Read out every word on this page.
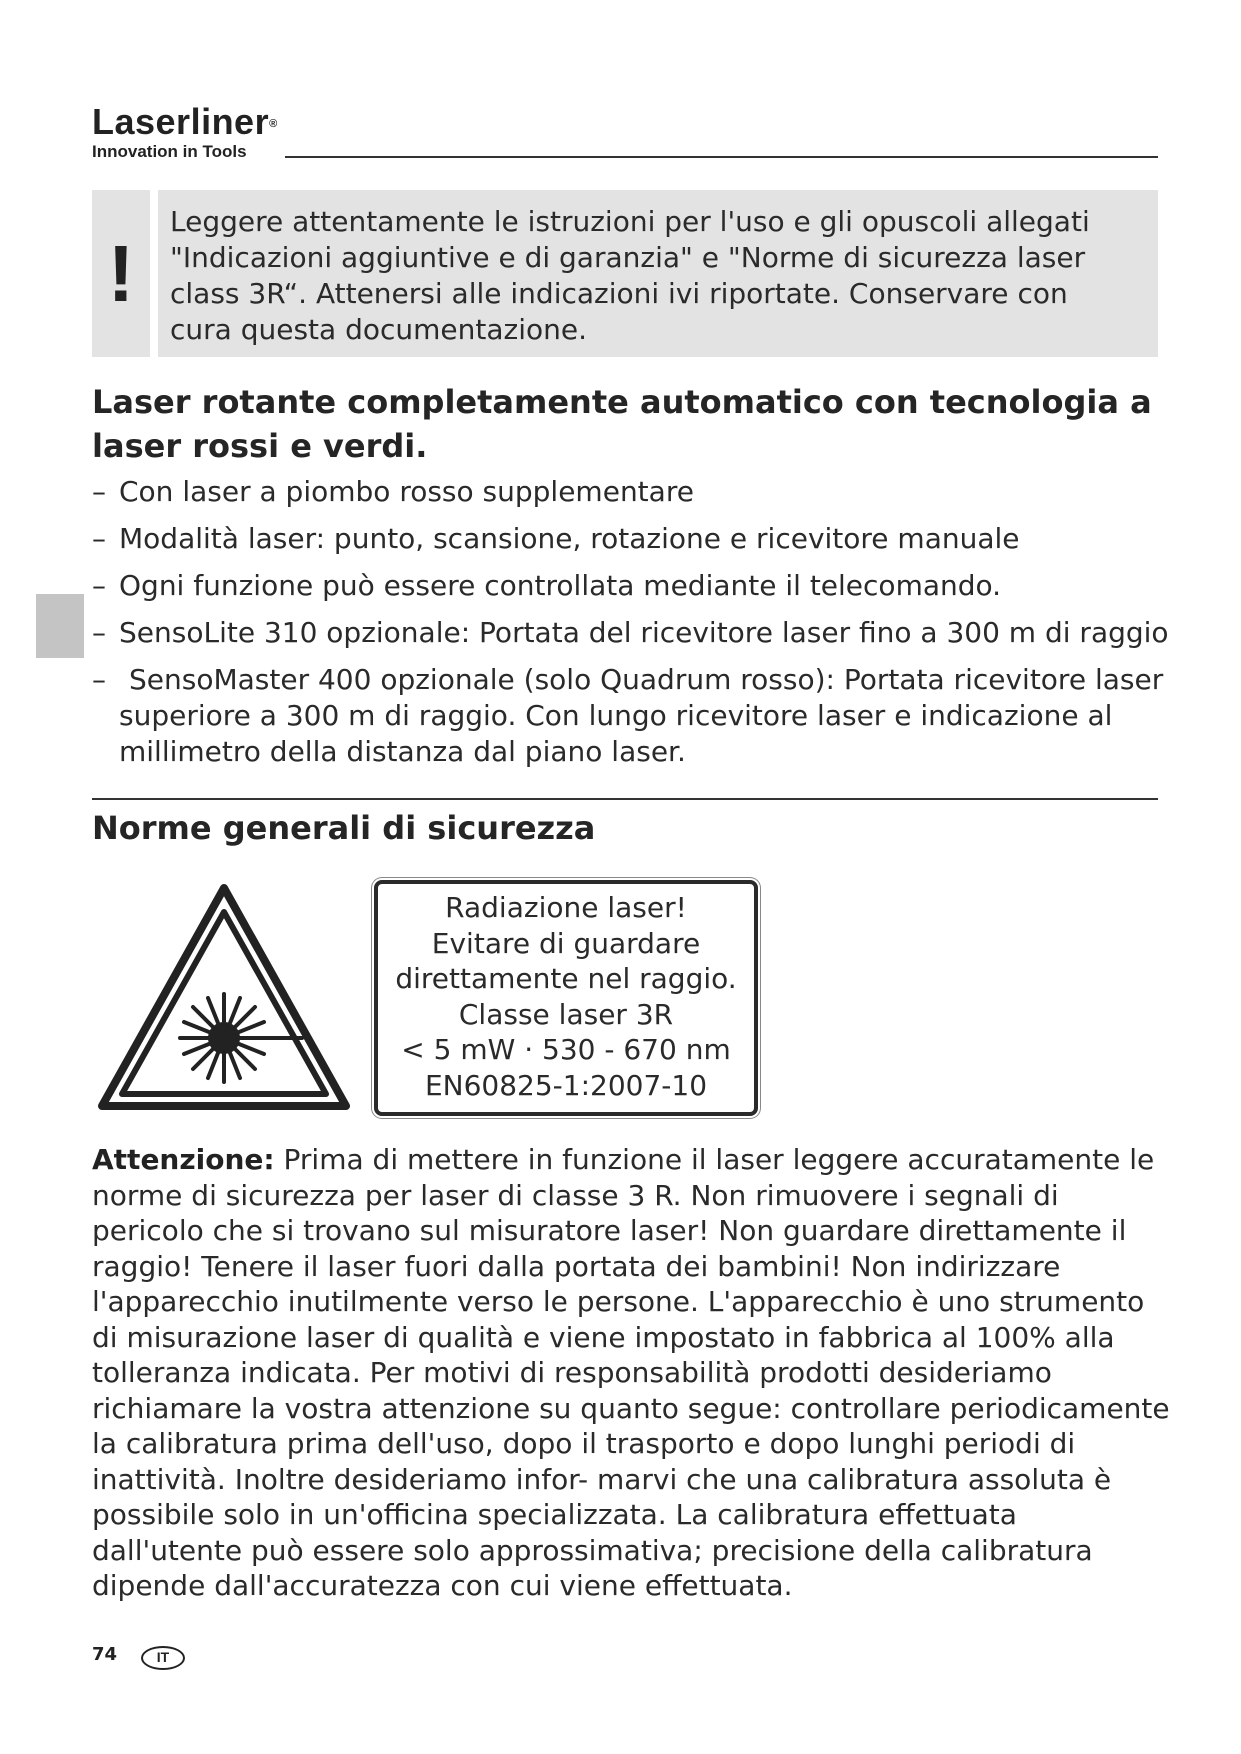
Laserliner®
Innovation in Tools
!
Leggere attentamente le istruzioni per l'uso e gli opuscoli allegati "Indicazioni aggiuntive e di garanzia" e "Norme di sicurezza laser class 3R“. Attenersi alle indicazioni ivi riportate. Conservare con cura questa documentazione.
Laser rotante completamente automatico con tecnologia a laser rossi e verdi.
– Con laser a piombo rosso supplementare
– Modalità laser: punto, scansione, rotazione e ricevitore manuale
– Ogni funzione può essere controllata mediante il telecomando.
– SensoLite 310 opzionale: Portata del ricevitore laser fino a 300 m di raggio
– SensoMaster 400 opzionale (solo Quadrum rosso): Portata ricevitore laser superiore a 300 m di raggio. Con lungo ricevitore laser e indicazione al millimetro della distanza dal piano laser.
Norme generali di sicurezza
Radiazione laser!
Evitare di guardare
direttamente nel raggio.
Classe laser 3R
< 5 mW · 530 - 670 nm
EN60825-1:2007-10

Attenzione: Prima di mettere in funzione il laser leggere accuratamente le norme di sicurezza per laser di classe 3 R. Non rimuovere i segnali di pericolo che si trovano sul misuratore laser! Non guardare direttamente il raggio! Tenere il laser fuori dalla portata dei bambini! Non indirizzare l'apparecchio inutilmente verso le persone. L'apparecchio è uno strumento di misurazione laser di qualità e viene impostato in fabbrica al 100% alla tolleranza indicata. Per motivi di responsabilità prodotti desideriamo richiamare la vostra attenzione su quanto segue: controllare periodicamente la calibratura prima dell'uso, dopo il trasporto e dopo lunghi periodi di inattività. Inoltre desideriamo infor- marvi che una calibratura assoluta è possibile solo in un'officina specializzata. La calibratura effettuata dall'utente può essere solo approssimativa; precisione della calibratura dipende dall'accuratezza con cui viene effettuata.

74	IT
